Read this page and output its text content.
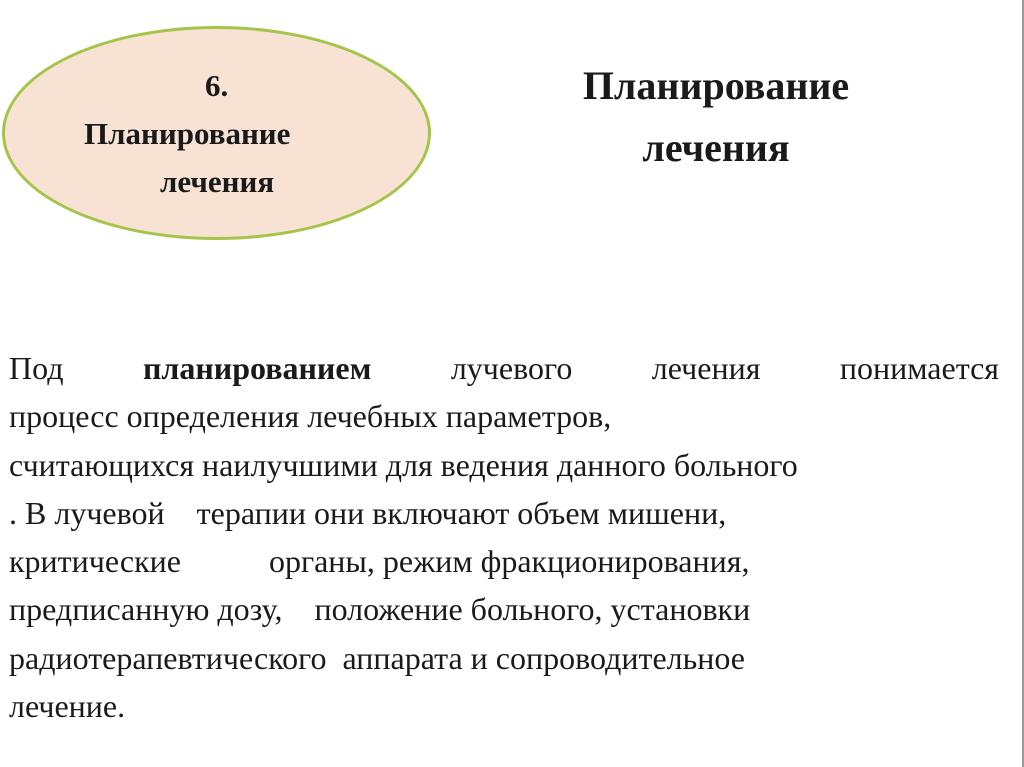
6.
Планирование
лечения
Планирование
лечения
Под планированием лучевого лечения понимается
процесс определения лечебных параметров,
считающихся наилучшими для ведения данного больного
. В лучевой    терапии они включают объем мишени,
критические           органы, режим фракционирования,
предписанную дозу,    положение больного, установки
радиотерапевтического  аппарата и сопроводительное
лечение.
